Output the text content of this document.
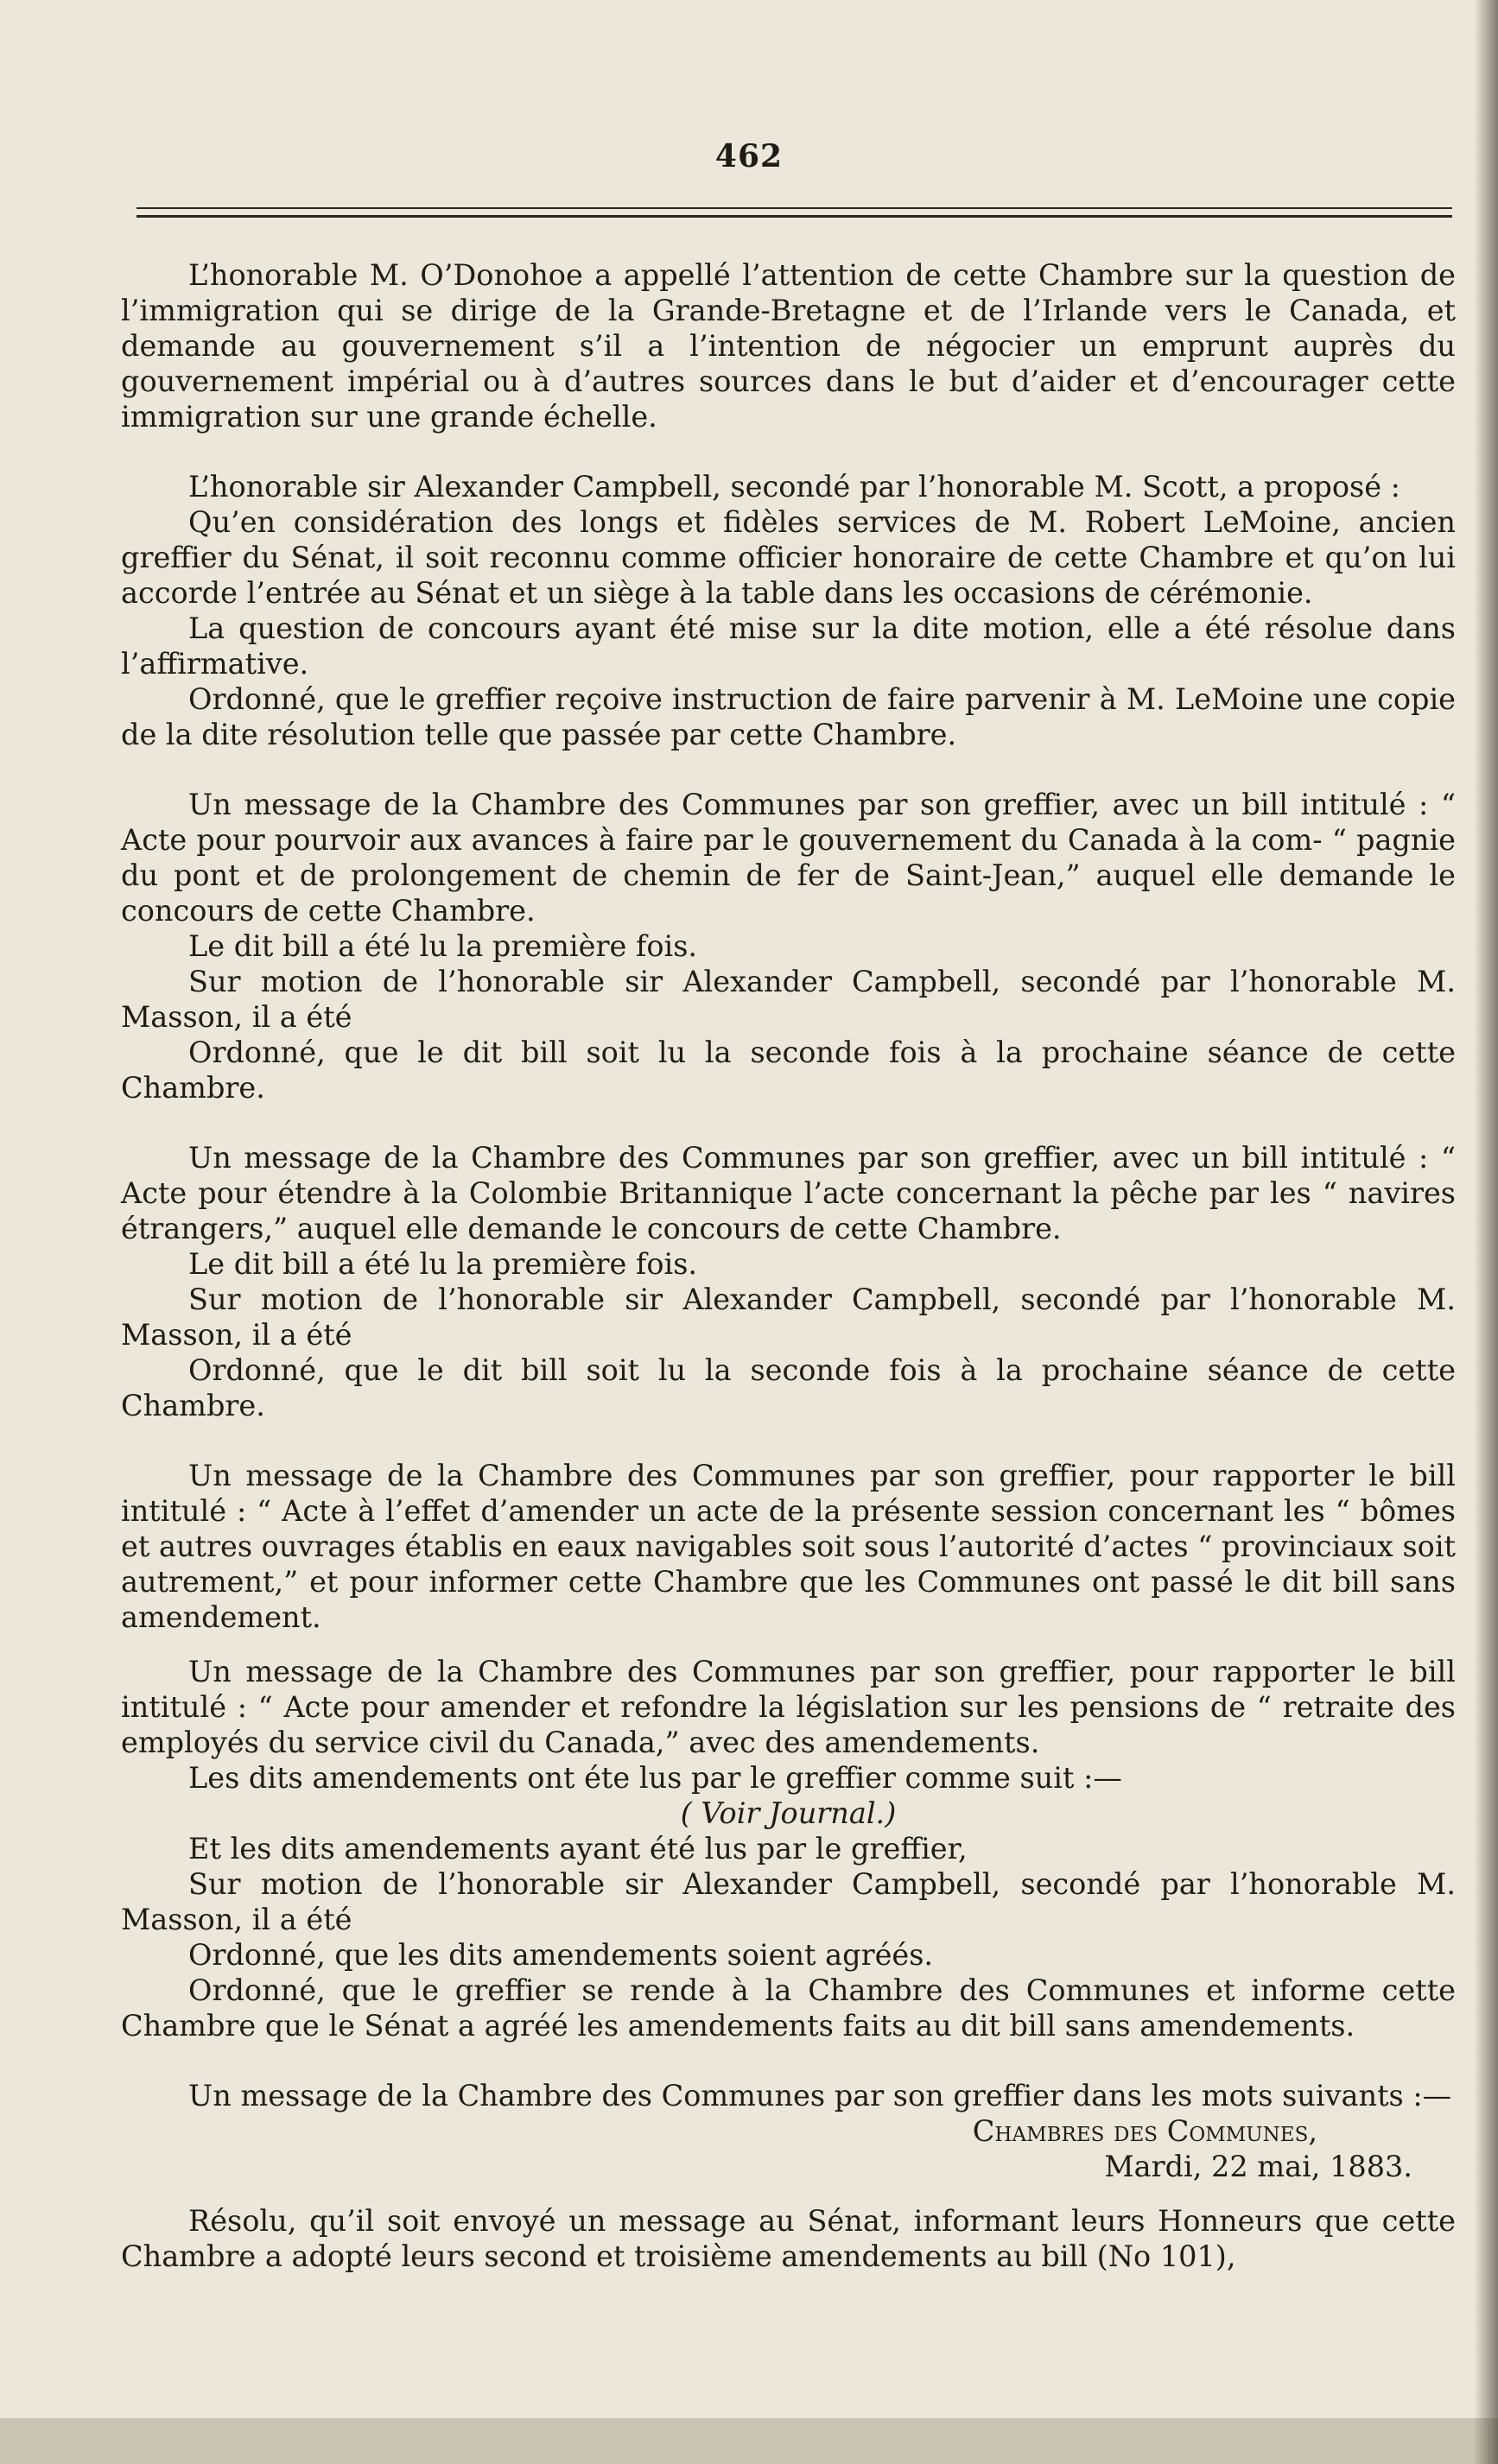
462

L’honorable M. O’Donohoe a appellé l’attention de cette Chambre sur la question de l’immigration qui se dirige de la Grande-Bretagne et de l’Irlande vers le Canada, et demande au gouvernement s’il a l’intention de négocier un emprunt auprès du gouvernement impérial ou à d’autres sources dans le but d’aider et d’encourager cette immigration sur une grande échelle.

L’honorable sir Alexander Campbell, secondé par l’honorable M. Scott, a proposé :

Qu’en considération des longs et fidèles services de M. Robert LeMoine, ancien greffier du Sénat, il soit reconnu comme officier honoraire de cette Chambre et qu’on lui accorde l’entrée au Sénat et un siège à la table dans les occasions de cérémonie.

La question de concours ayant été mise sur la dite motion, elle a été résolue dans l’affirmative.

Ordonné, que le greffier reçoive instruction de faire parvenir à M. LeMoine une copie de la dite résolution telle que passée par cette Chambre.

Un message de la Chambre des Communes par son greffier, avec un bill intitulé : “ Acte pour pourvoir aux avances à faire par le gouvernement du Canada à la com- “ pagnie du pont et de prolongement de chemin de fer de Saint-Jean,” auquel elle demande le concours de cette Chambre.

Le dit bill a été lu la première fois.

Sur motion de l’honorable sir Alexander Campbell, secondé par l’honorable M. Masson, il a été

Ordonné, que le dit bill soit lu la seconde fois à la prochaine séance de cette Chambre.

Un message de la Chambre des Communes par son greffier, avec un bill intitulé : “ Acte pour étendre à la Colombie Britannique l’acte concernant la pêche par les “ navires étrangers,” auquel elle demande le concours de cette Chambre.

Le dit bill a été lu la première fois.

Sur motion de l’honorable sir Alexander Campbell, secondé par l’honorable M. Masson, il a été

Ordonné, que le dit bill soit lu la seconde fois à la prochaine séance de cette Chambre.

Un message de la Chambre des Communes par son greffier, pour rapporter le bill intitulé : “ Acte à l’effet d’amender un acte de la présente session concernant les “ bômes et autres ouvrages établis en eaux navigables soit sous l’autorité d’actes “ provinciaux soit autrement,” et pour informer cette Chambre que les Communes ont passé le dit bill sans amendement.

Un message de la Chambre des Communes par son greffier, pour rapporter le bill intitulé : “ Acte pour amender et refondre la législation sur les pensions de “ retraite des employés du service civil du Canada,” avec des amendements.

Les dits amendements ont éte lus par le greffier comme suit :—

( Voir Journal.)

Et les dits amendements ayant été lus par le greffier,

Sur motion de l’honorable sir Alexander Campbell, secondé par l’honorable M. Masson, il a été

Ordonné, que les dits amendements soient agréés.

Ordonné, que le greffier se rende à la Chambre des Communes et informe cette Chambre que le Sénat a agréé les amendements faits au dit bill sans amendements.

Un message de la Chambre des Communes par son greffier dans les mots suivants :—

Chambres des Communes,

Mardi, 22 mai, 1883.

Résolu, qu’il soit envoyé un message au Sénat, informant leurs Honneurs que cette Chambre a adopté leurs second et troisième amendements au bill (No 101),
